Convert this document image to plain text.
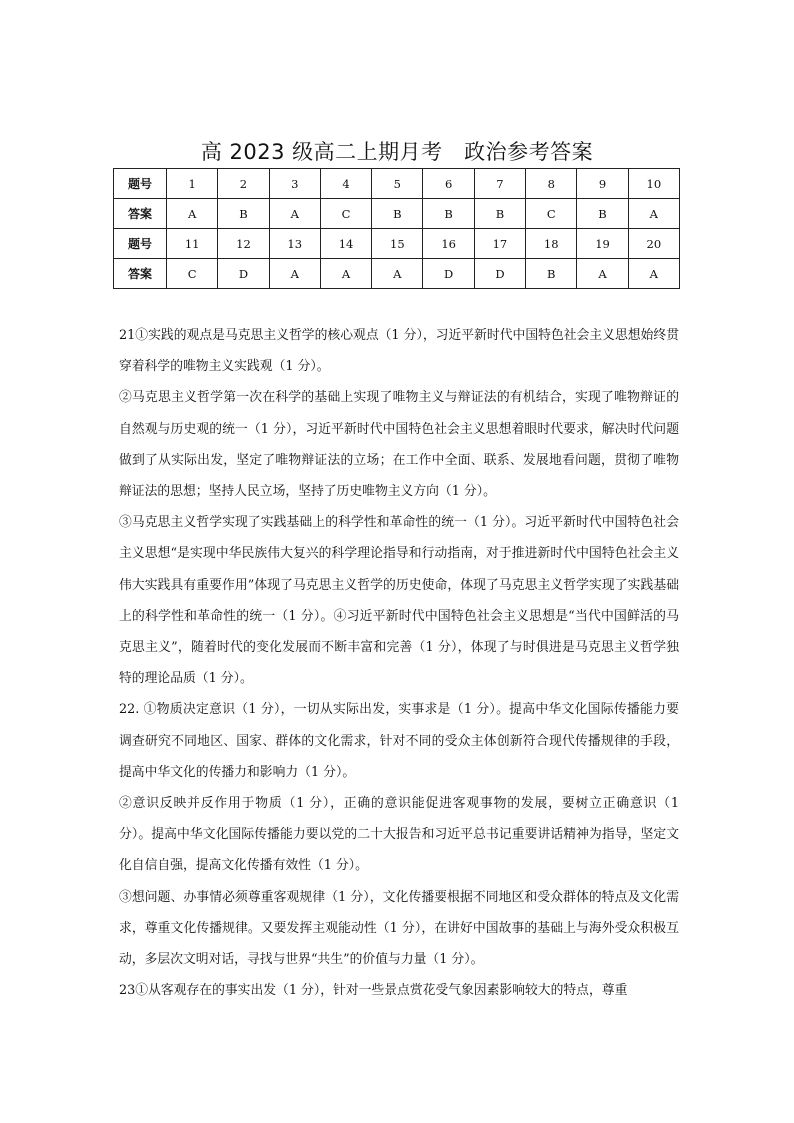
高 2023 级高二上期月考　政治参考答案
题号	1	2	3	4	5	6	7	8	9	10
答案	A	B	A	C	B	B	B	C	B	A
题号	11	12	13	14	15	16	17	18	19	20
答案	C	D	A	A	A	D	D	B	A	A

21①实践的观点是马克思主义哲学的核心观点（1 分），习近平新时代中国特色社会主义思想始终贯穿着科学的唯物主义实践观（1 分）。

②马克思主义哲学第一次在科学的基础上实现了唯物主义与辩证法的有机结合，实现了唯物辩证的自然观与历史观的统一（1 分），习近平新时代中国特色社会主义思想着眼时代要求，解决时代问题做到了从实际出发，坚定了唯物辩证法的立场；在工作中全面、联系、发展地看问题，贯彻了唯物辩证法的思想；坚持人民立场，坚持了历史唯物主义方向（1 分）。

③马克思主义哲学实现了实践基础上的科学性和革命性的统一（1 分）。习近平新时代中国特色社会主义思想“是实现中华民族伟大复兴的科学理论指导和行动指南，对于推进新时代中国特色社会主义伟大实践具有重要作用”体现了马克思主义哲学的历史使命，体现了马克思主义哲学实现了实践基础上的科学性和革命性的统一（1 分）。④习近平新时代中国特色社会主义思想是“当代中国鲜活的马克思主义”，随着时代的变化发展而不断丰富和完善（1 分），体现了与时俱进是马克思主义哲学独特的理论品质（1 分）。

22. ①物质决定意识（1 分），一切从实际出发，实事求是（1 分）。提高中华文化国际传播能力要调查研究不同地区、国家、群体的文化需求，针对不同的受众主体创新符合现代传播规律的手段，提高中华文化的传播力和影响力（1 分）。

②意识反映并反作用于物质（1 分），正确的意识能促进客观事物的发展，要树立正确意识（1 分）。提高中华文化国际传播能力要以党的二十大报告和习近平总书记重要讲话精神为指导，坚定文化自信自强，提高文化传播有效性（1 分）。

③想问题、办事情必须尊重客观规律（1 分），文化传播要根据不同地区和受众群体的特点及文化需求，尊重文化传播规律。又要发挥主观能动性（1 分），在讲好中国故事的基础上与海外受众积极互动，多层次文明对话，寻找与世界“共生”的价值与力量（1 分）。

23①从客观存在的事实出发（1 分），针对一些景点赏花受气象因素影响较大的特点，尊重
